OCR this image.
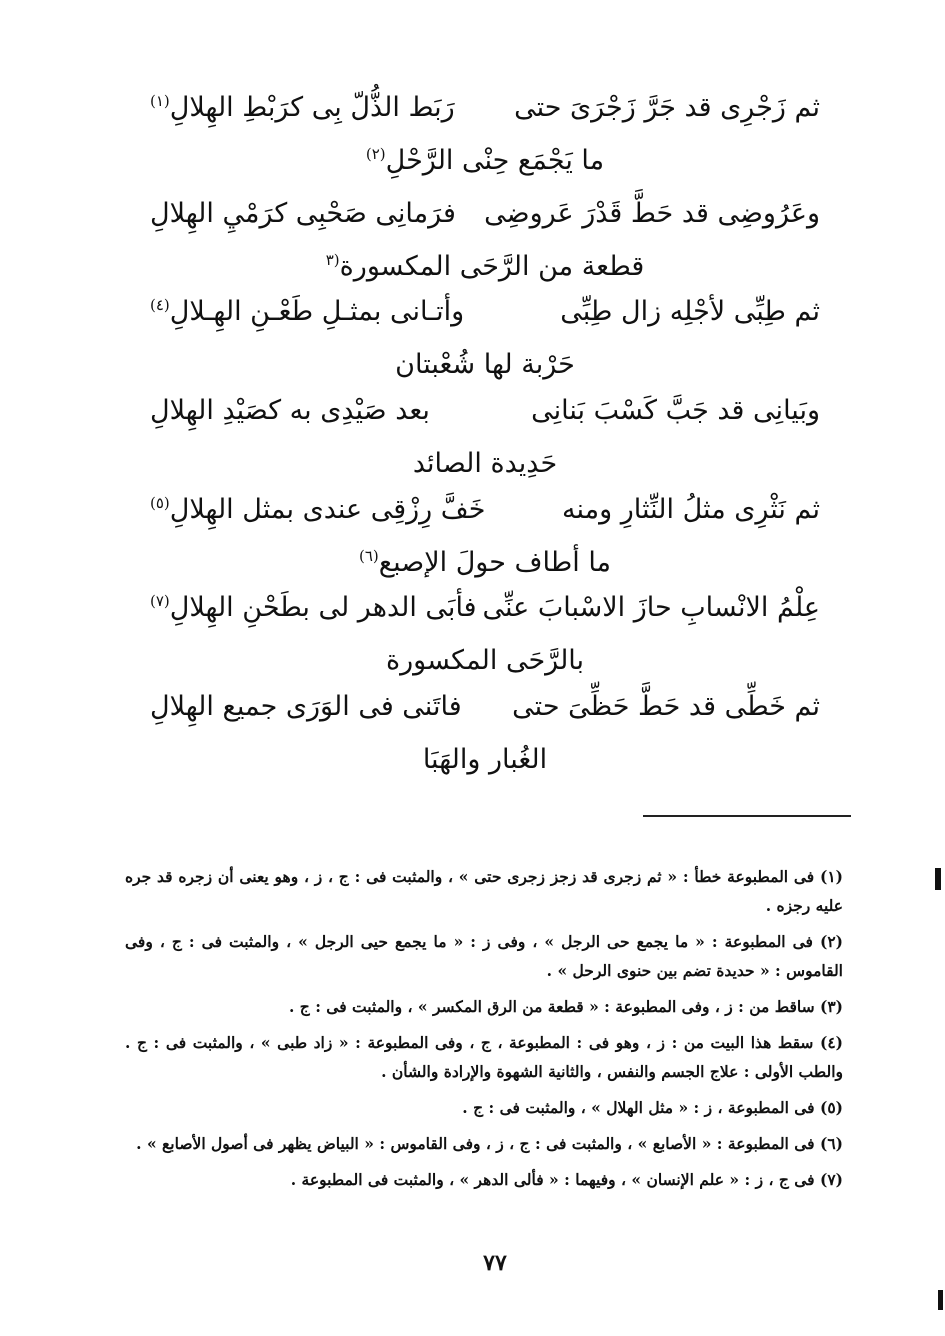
ثم زَجْرِى قد جَرَّ زَجْرَىَ حتى
رَبَط الذُّلّ بِى كرَبْطِ الهِلالِ$^{(١)}$
ما يَجْمَع حِنْى الرَّحْلِ$^{(٢)}$
وعَرُوضِى قد حَطَّ قَدْرَ عَروضِى
فرَمانِى صَحْبِى كرَمْيِ الهِلالِ
قطعة من الرَّحَى المكسورة$^{(٣}$
ثم طِبِّى لأجْلِه زال طِبِّى
وأتـانى بمثـلِ طَعْـنِ الهِـلالِ$^{(٤)}$
حَرْبة لها شُعْبتان
وبَيانِى قد جَبَّ كَسْبَ بَنانِى
بعد صَيْدِى به كصَيْدِ الهِلالِ
حَدِيدة الصائد
ثم نَثْرِى مثلُ النِّثارِ ومنه
خَفَّ رِزْقِى عندى بمثل الهِلالِ$^{(٥)}$
ما أطاف حولَ الإصبع$^{(٦)}$
عِلْمُ الانْسابِ حازَ الاسْبابَ عنِّى
فأبَى الدهر لى بطَحْنِ الهِلالِ$^{(٧)}$
بالرَّحَى المكسورة
ثم خَطِّى قد حَطَّ حَظِّىَ حتى
فاتَنى فى الوَرَى جميع الهِلالِ
الغُبار والهَبَا
(١) فى المطبوعة خطأ : « ثم زجرى قد زجز زجرى حتى » ، والمثبت فى : ج ، ز ، وهو يعنى أن زجره قد جره عليه رجزه .
(٢) فى المطبوعة : « ما يجمع حى الرجل » ، وفى ز : « ما يجمع حيى الرجل » ، والمثبت فى : ج ، وفى القاموس : « حديدة تضم بين حنوى الرحل » .
(٣) ساقط من : ز ، وفى المطبوعة : « قطعة من الرق المكسر » ، والمثبت فى : ج .
(٤) سقط هذا البيت من : ز ، وهو فى : المطبوعة ، ج ، وفى المطبوعة : « زاد طبى » ، والمثبت فى : ج . والطب الأولى : علاج الجسم والنفس ، والثانية الشهوة والإرادة والشأن .
(٥) فى المطبوعة ، ز : « مثل الهلال » ، والمثبت فى : ج .
(٦) فى المطبوعة : « الأصابع » ، والمثبت فى : ج ، ز ، وفى القاموس : « البياض يظهر فى أصول الأصابع » .
(٧) فى ج ، ز : « علم الإنسان » ، وفيهما : « فألى الدهر » ، والمثبت فى المطبوعة .
٧٧
